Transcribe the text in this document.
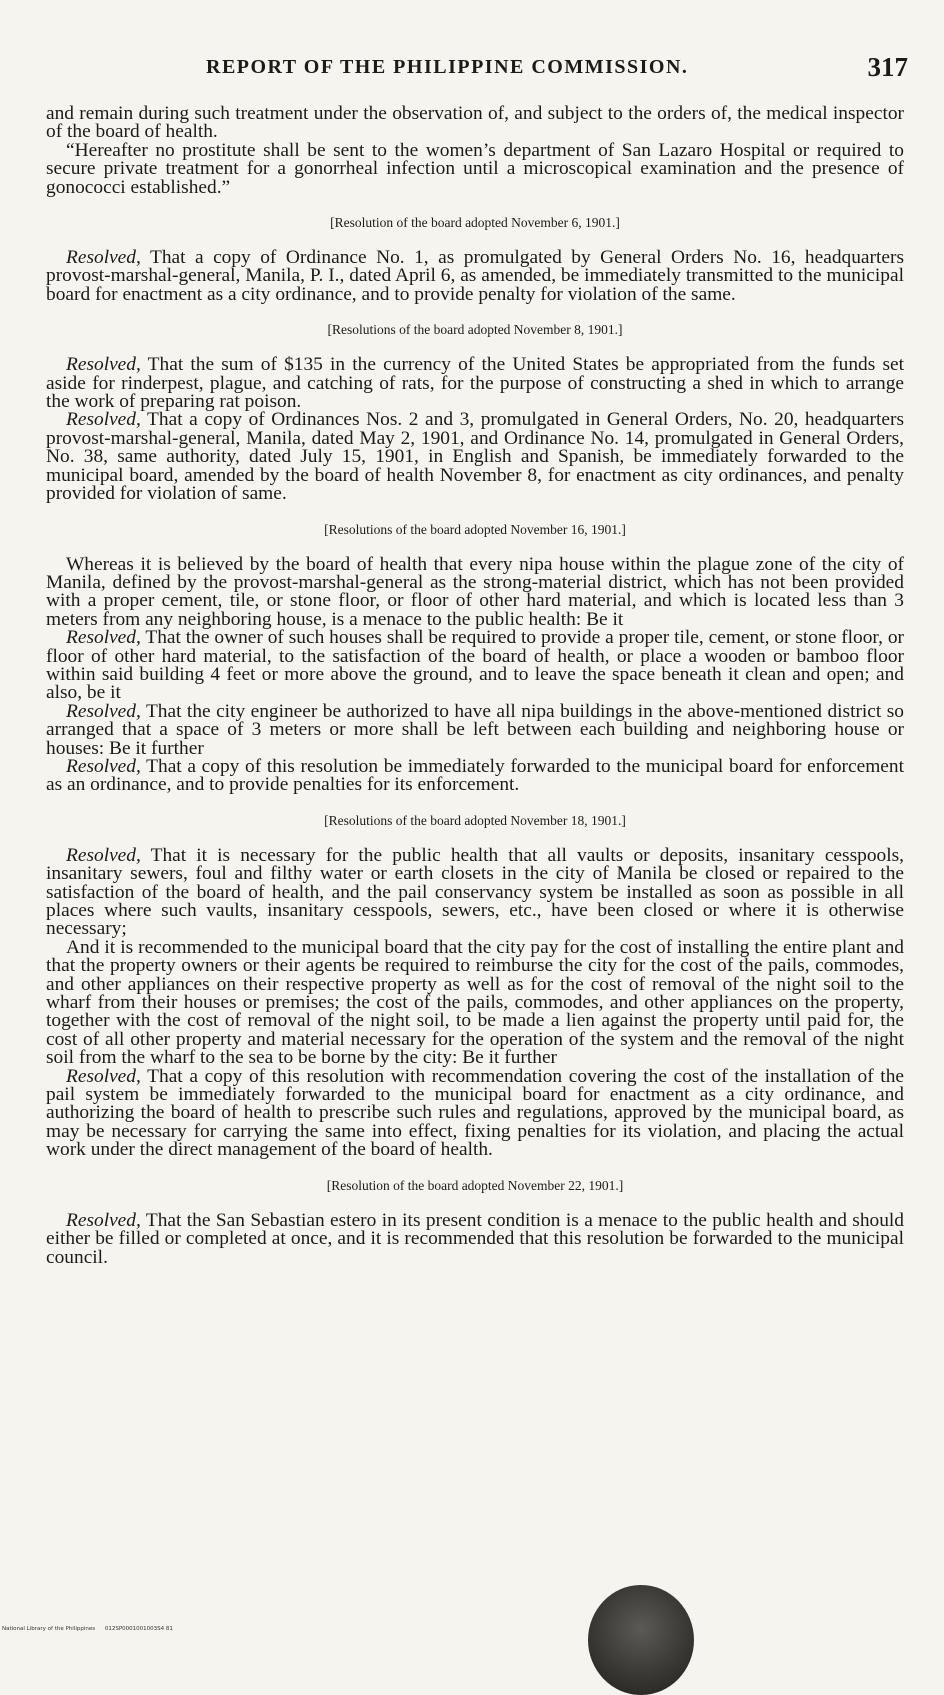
REPORT OF THE PHILIPPINE COMMISSION.	317

and remain during such treatment under the observation of, and subject to the orders of, the medical inspector of the board of health.

“Hereafter no prostitute shall be sent to the women’s department of San Lazaro Hospital or required to secure private treatment for a gonorrheal infection until a microscopical examination and the presence of gonococci established.”

[Resolution of the board adopted November 6, 1901.]

Resolved, That a copy of Ordinance No. 1, as promulgated by General Orders No. 16, headquarters provost-marshal-general, Manila, P. I., dated April 6, as amended, be immediately transmitted to the municipal board for enactment as a city ordinance, and to provide penalty for violation of the same.

[Resolutions of the board adopted November 8, 1901.]

Resolved, That the sum of $135 in the currency of the United States be appropriated from the funds set aside for rinderpest, plague, and catching of rats, for the purpose of constructing a shed in which to arrange the work of preparing rat poison.

Resolved, That a copy of Ordinances Nos. 2 and 3, promulgated in General Orders, No. 20, headquarters provost-marshal-general, Manila, dated May 2, 1901, and Ordinance No. 14, promulgated in General Orders, No. 38, same authority, dated July 15, 1901, in English and Spanish, be immediately forwarded to the municipal board, amended by the board of health November 8, for enactment as city ordinances, and penalty provided for violation of same.

[Resolutions of the board adopted November 16, 1901.]

Whereas it is believed by the board of health that every nipa house within the plague zone of the city of Manila, defined by the provost-marshal-general as the strong-material district, which has not been provided with a proper cement, tile, or stone floor, or floor of other hard material, and which is located less than 3 meters from any neighboring house, is a menace to the public health: Be it

Resolved, That the owner of such houses shall be required to provide a proper tile, cement, or stone floor, or floor of other hard material, to the satisfaction of the board of health, or place a wooden or bamboo floor within said building 4 feet or more above the ground, and to leave the space beneath it clean and open; and also, be it

Resolved, That the city engineer be authorized to have all nipa buildings in the above-mentioned district so arranged that a space of 3 meters or more shall be left between each building and neighboring house or houses: Be it further

Resolved, That a copy of this resolution be immediately forwarded to the municipal board for enforcement as an ordinance, and to provide penalties for its enforcement.

[Resolutions of the board adopted November 18, 1901.]

Resolved, That it is necessary for the public health that all vaults or deposits, insanitary cesspools, insanitary sewers, foul and filthy water or earth closets in the city of Manila be closed or repaired to the satisfaction of the board of health, and the pail conservancy system be installed as soon as possible in all places where such vaults, insanitary cesspools, sewers, etc., have been closed or where it is otherwise necessary;

And it is recommended to the municipal board that the city pay for the cost of installing the entire plant and that the property owners or their agents be required to reimburse the city for the cost of the pails, commodes, and other appliances on their respective property as well as for the cost of removal of the night soil to the wharf from their houses or premises; the cost of the pails, commodes, and other appliances on the property, together with the cost of removal of the night soil, to be made a lien against the property until paid for, the cost of all other property and material necessary for the operation of the system and the removal of the night soil from the wharf to the sea to be borne by the city: Be it further

Resolved, That a copy of this resolution with recommendation covering the cost of the installation of the pail system be immediately forwarded to the municipal board for enactment as a city ordinance, and authorizing the board of health to prescribe such rules and regulations, approved by the municipal board, as may be necessary for carrying the same into effect, fixing penalties for its violation, and placing the actual work under the direct management of the board of health.

[Resolution of the board adopted November 22, 1901.]

Resolved, That the San Sebastian estero in its present condition is a menace to the public health and should either be filled or completed at once, and it is recommended that this resolution be forwarded to the municipal council.

National Library of the Philippines 012SP0001001003S4 81
